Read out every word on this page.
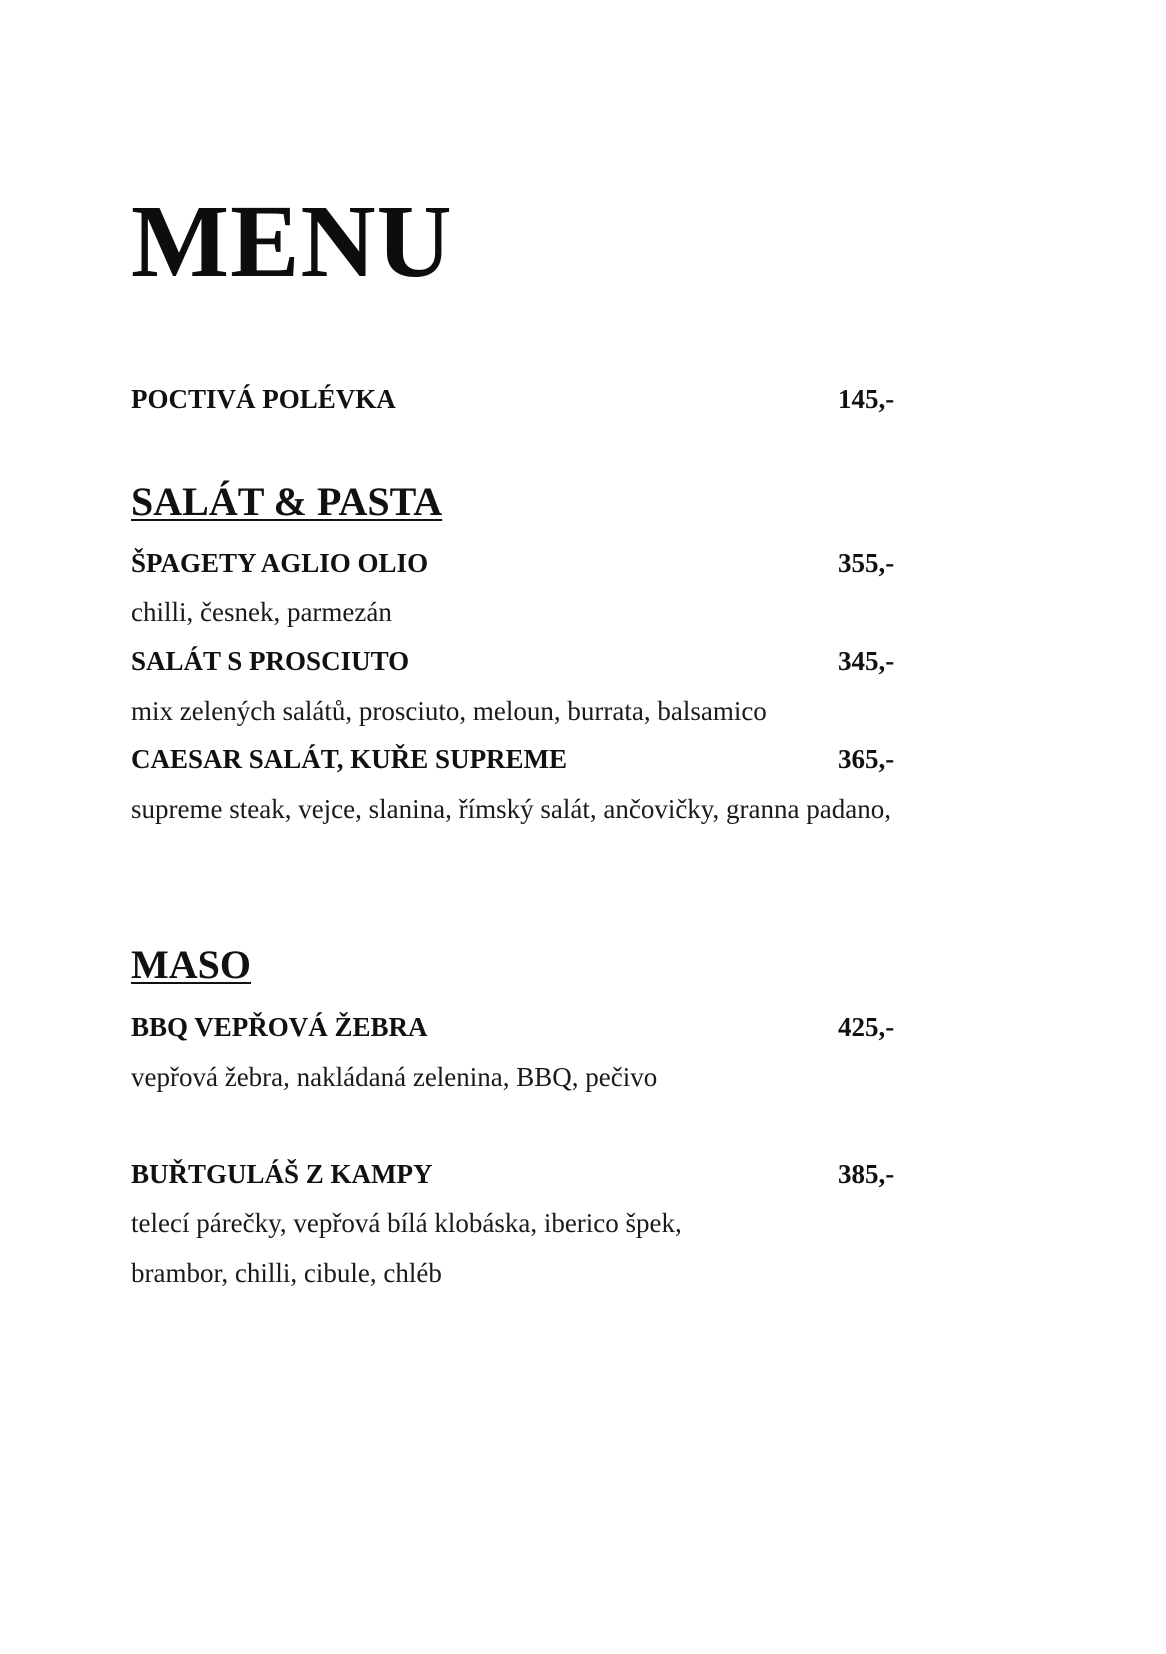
MENU
POCTIVÁ POLÉVKA	145,-
SALÁT & PASTA
ŠPAGETY AGLIO OLIO	355,-
chilli, česnek, parmezán
SALÁT S PROSCIUTO	345,-
mix zelených salátů, prosciuto, meloun, burrata, balsamico
CAESAR SALÁT, KUŘE SUPREME	365,-
supreme steak, vejce, slanina, římský salát, ančovičky, granna padano,
MASO
BBQ VEPŘOVÁ ŽEBRA	425,-
vepřová žebra, nakládaná zelenina, BBQ, pečivo
BUŘTGULÁŠ Z KAMPY	385,-
telecí párečky, vepřová bílá klobáska, iberico špek,
brambor, chilli, cibule, chléb
